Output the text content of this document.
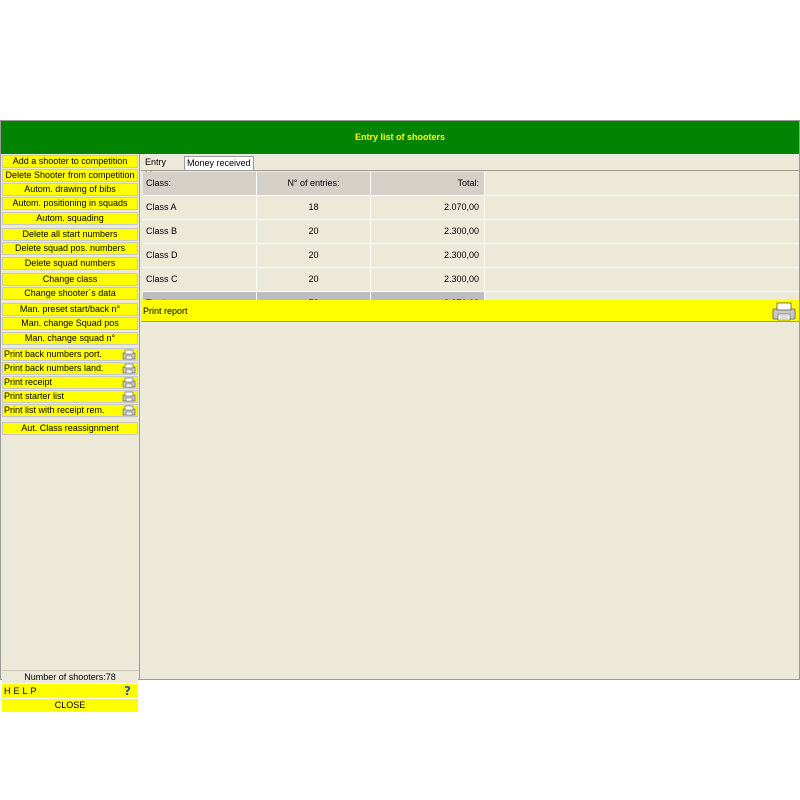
Entry list of shooters
Add a shooter to competition
Delete Shooter from competition
Autom. drawing of bibs
Autom. positioning in squads
Autom. squading
Delete all start numbers
Delete squad pos. numbers
Delete squad numbers
Change class
Change shooter´s data
Man. preset start/back n°
Man. change Squad pos
Man. change squad n°
Print back numbers port.
Print back numbers land.
Print receipt
Print starter list
Print list with receipt rem.
Aut. Class reassignment
Number of shooters:78
HELP	?
CLOSE
Entry	Money received
Class:	N° of entries:	Total:
Class A	18	2.070,00
Class B	20	2.300,00
Class D	20	2.300,00
Class C	20	2.300,00
Print report
